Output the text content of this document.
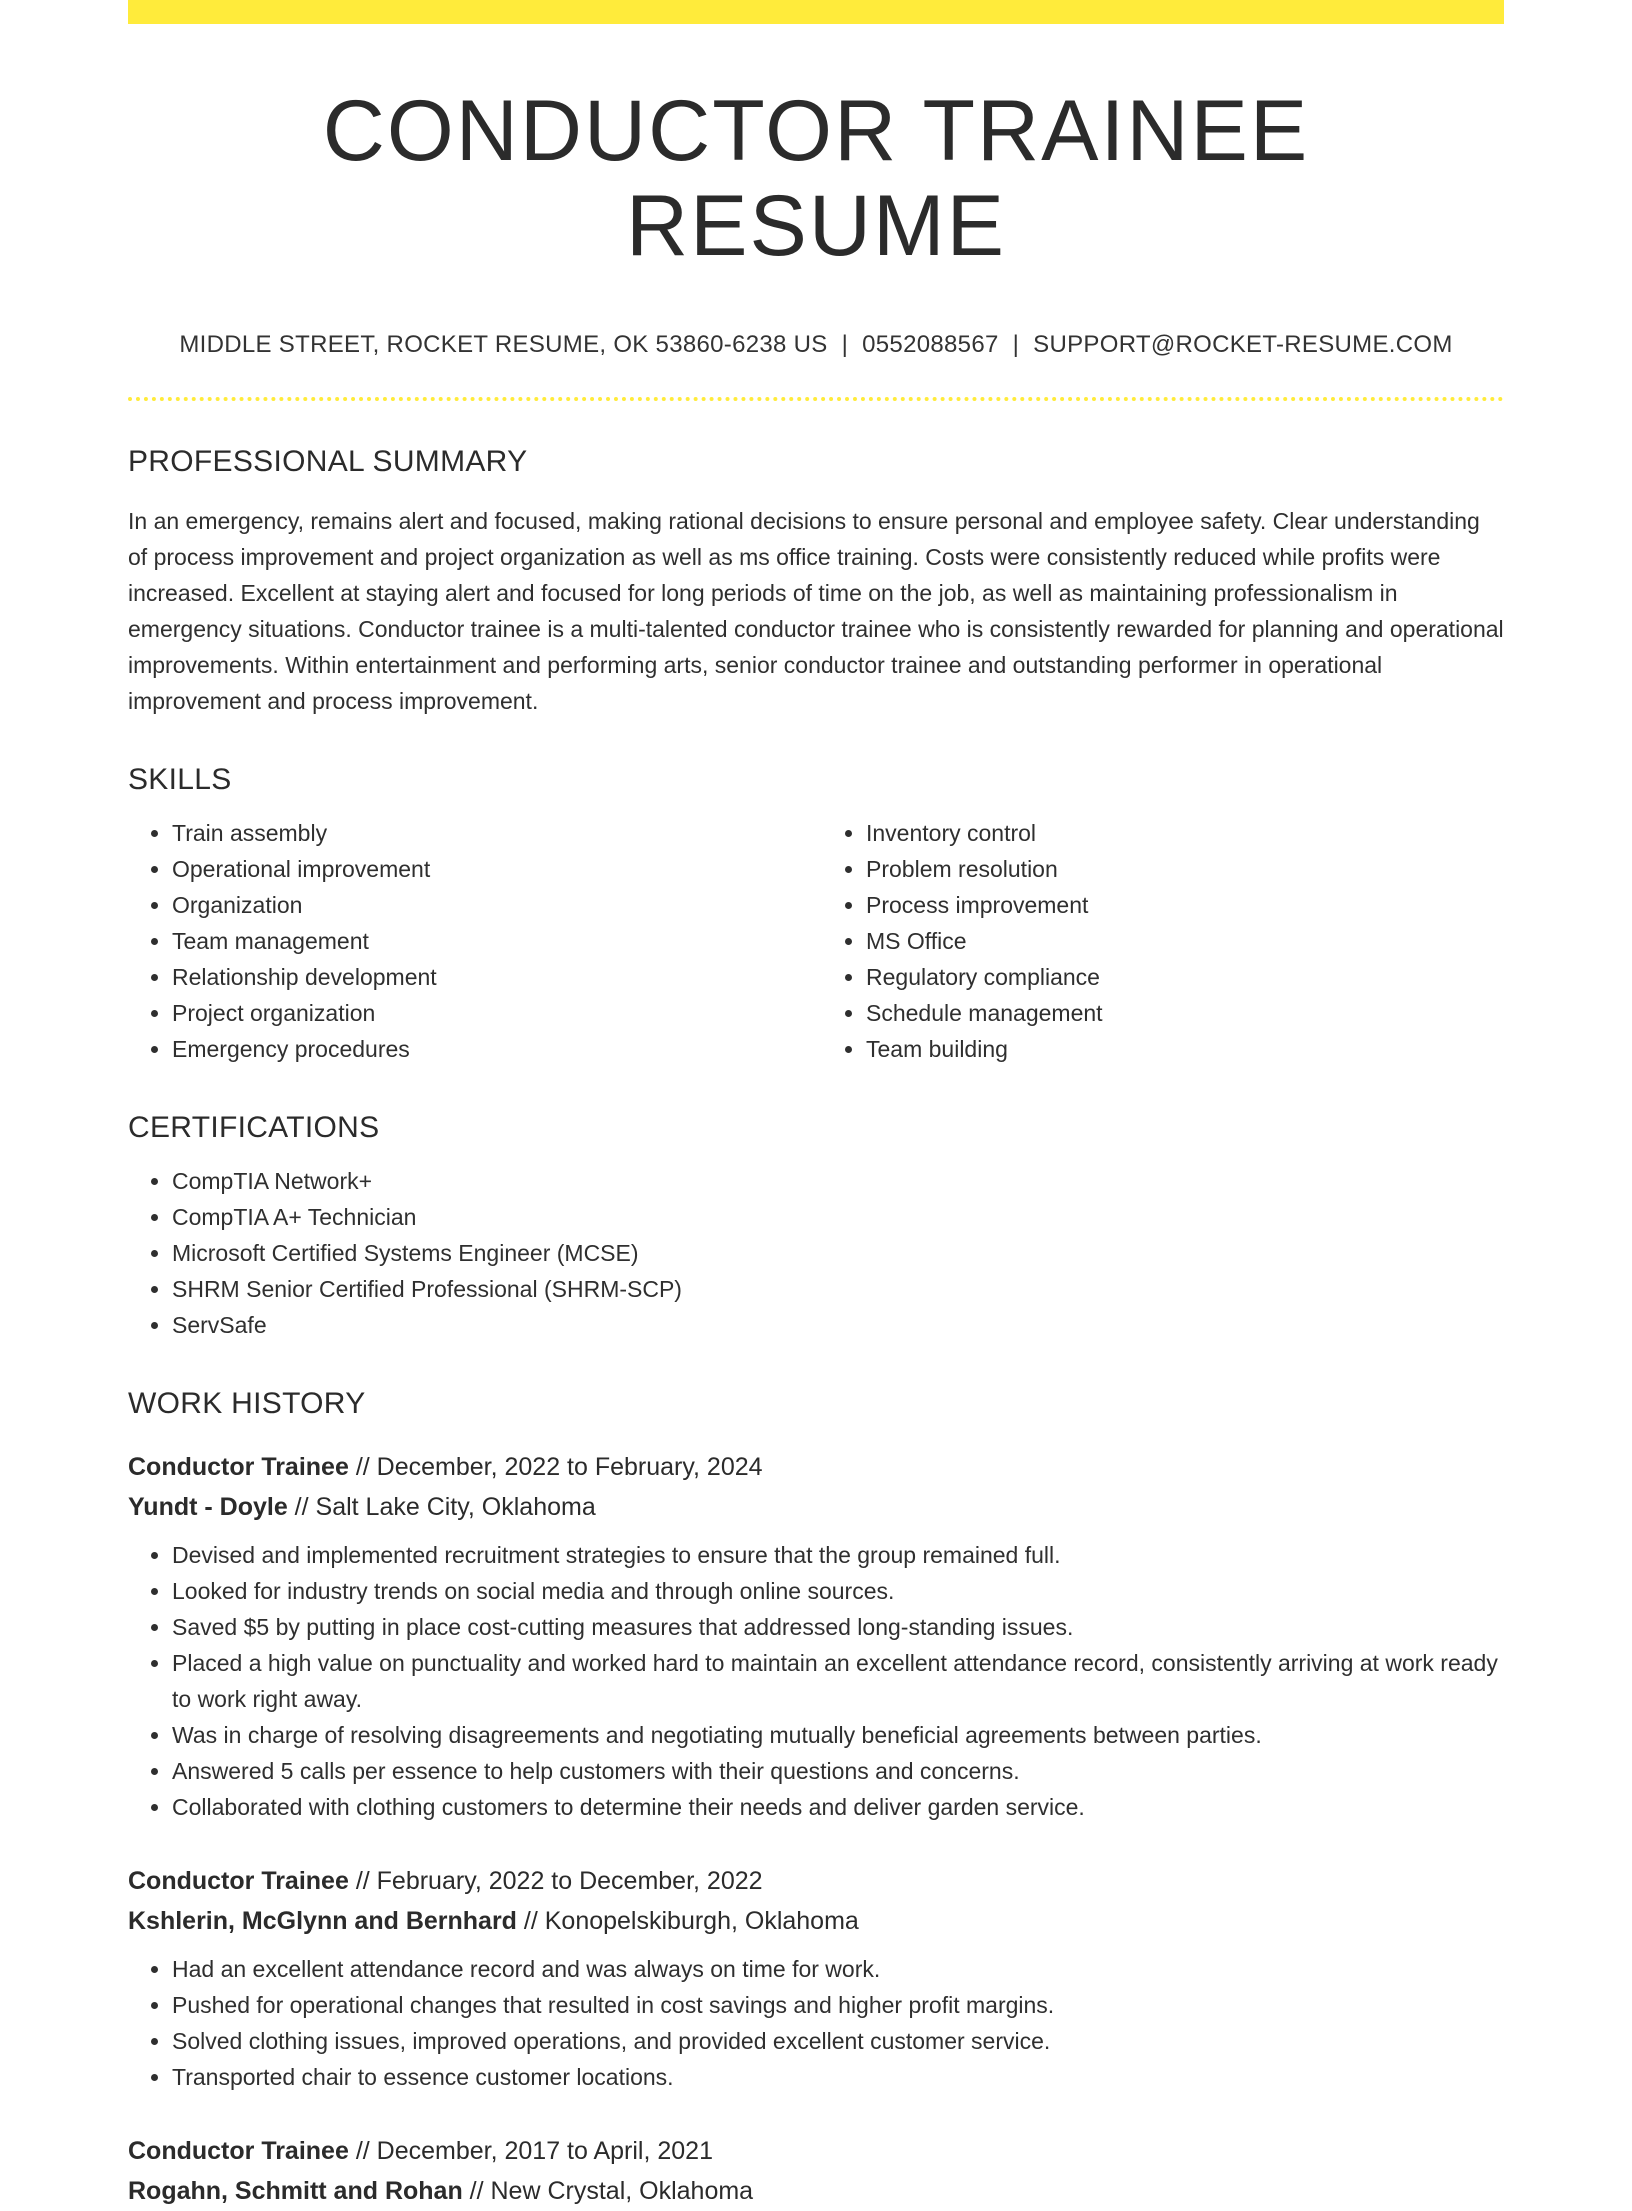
CONDUCTOR TRAINEE RESUME
MIDDLE STREET, ROCKET RESUME, OK 53860-6238 US | 0552088567 | SUPPORT@ROCKET-RESUME.COM
PROFESSIONAL SUMMARY

In an emergency, remains alert and focused, making rational decisions to ensure personal and employee safety. Clear understanding of process improvement and project organization as well as ms office training. Costs were consistently reduced while profits were increased. Excellent at staying alert and focused for long periods of time on the job, as well as maintaining professionalism in emergency situations. Conductor trainee is a multi-talented conductor trainee who is consistently rewarded for planning and operational improvements. Within entertainment and performing arts, senior conductor trainee and outstanding performer in operational improvement and process improvement.

SKILLS
• Train assembly
• Operational improvement
• Organization
• Team management
• Relationship development
• Project organization
• Emergency procedures
• Inventory control
• Problem resolution
• Process improvement
• MS Office
• Regulatory compliance
• Schedule management
• Team building
CERTIFICATIONS
• CompTIA Network+
• CompTIA A+ Technician
• Microsoft Certified Systems Engineer (MCSE)
• SHRM Senior Certified Professional (SHRM-SCP)
• ServSafe
WORK HISTORY
Conductor Trainee // December, 2022 to February, 2024
Yundt - Doyle // Salt Lake City, Oklahoma
• Devised and implemented recruitment strategies to ensure that the group remained full.
• Looked for industry trends on social media and through online sources.
• Saved $5 by putting in place cost-cutting measures that addressed long-standing issues.
• Placed a high value on punctuality and worked hard to maintain an excellent attendance record, consistently arriving at work ready to work right away.
• Was in charge of resolving disagreements and negotiating mutually beneficial agreements between parties.
• Answered 5 calls per essence to help customers with their questions and concerns.
• Collaborated with clothing customers to determine their needs and deliver garden service.
Conductor Trainee // February, 2022 to December, 2022
Kshlerin, McGlynn and Bernhard // Konopelskiburgh, Oklahoma
• Had an excellent attendance record and was always on time for work.
• Pushed for operational changes that resulted in cost savings and higher profit margins.
• Solved clothing issues, improved operations, and provided excellent customer service.
• Transported chair to essence customer locations.
Conductor Trainee // December, 2017 to April, 2021
Rogahn, Schmitt and Rohan // New Crystal, Oklahoma
